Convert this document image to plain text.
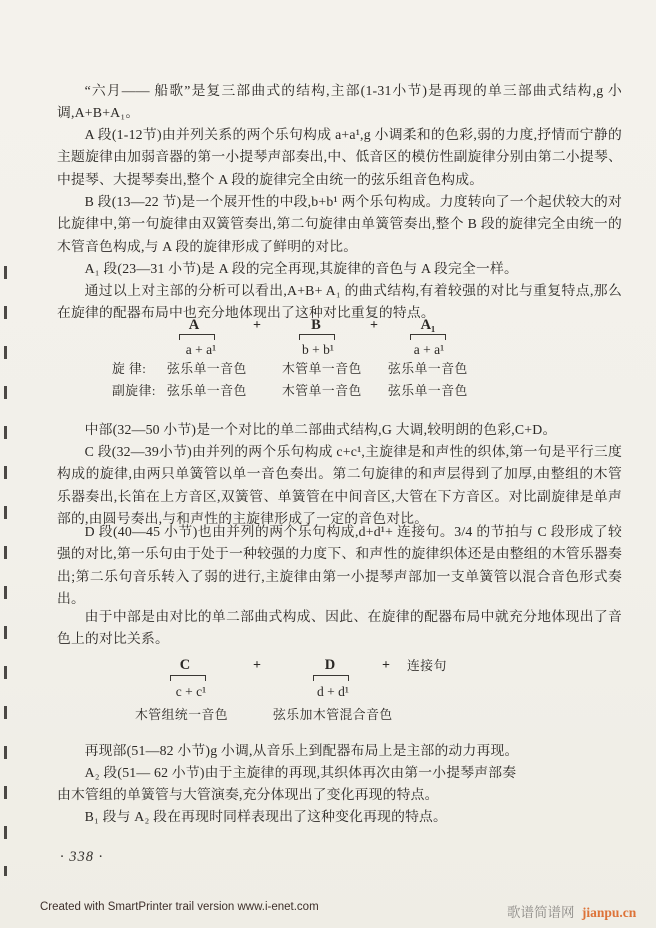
“六月—— 船歌”是复三部曲式的结构,主部(1-31小节)是再现的单三部曲式结构,g 小调,A+B+A₁。

A 段(1-12节)由并列关系的两个乐句构成 a+a¹,g 小调柔和的色彩,弱的力度,抒情而宁静的主题旋律由加弱音器的第一小提琴声部奏出,中、低音区的模仿性副旋律分别由第二小提琴、中提琴、大提琴奏出,整个 A 段的旋律完全由统一的弦乐组音色构成。

B 段(13—22 节)是一个展开性的中段,b+b¹ 两个乐句构成。力度转向了一个起伏较大的对比旋律中,第一句旋律由双簧管奏出,第二句旋律由单簧管奏出,整个 B 段的旋律完全由统一的木管音色构成,与 A 段的旋律形成了鲜明的对比。

A₁ 段(23—31 小节)是 A 段的完全再现,其旋律的音色与 A 段完全一样。

通过以上对主部的分析可以看出,A+B+ A₁ 的曲式结构,有着较强的对比与重复特点,那么在旋律的配器布局中也充分地体现出了这种对比重复的特点。

A	+	B	+	A₁
a + a¹	b + b¹	a + a¹
旋 律: 弦乐单一音色	木管单一音色 弦乐单一音色
副旋律: 弦乐单一音色	木管单一音色 弦乐单一音色

中部(32—50 小节)是一个对比的单二部曲式结构,G 大调,较明朗的色彩,C+D。

C 段(32—39小节)由并列的两个乐句构成 c+c¹,主旋律是和声性的织体,第一句是平行三度构成的旋律,由两只单簧管以单一音色奏出。第二句旋律的和声层得到了加厚,由整组的木管乐器奏出,长笛在上方音区,双簧管、单簧管在中间音区,大管在下方音区。对比副旋律是单声部的,由圆号奏出,与和声性的主旋律形成了一定的音色对比。

D 段(40—45 小节)也由并列的两个乐句构成,d+d¹+ 连接句。3/4 的节拍与 C 段形成了较强的对比,第一乐句由于处于一种较强的力度下、和声性的旋律织体还是由整组的木管乐器奏出;第二乐句音乐转入了弱的进行,主旋律由第一小提琴声部加一支单簧管以混合音色形式奏出。

由于中部是由对比的单二部曲式构成、因此、在旋律的配器布局中就充分地体现出了音色上的对比关系。

C	+	D	+ 连接句
c + c¹	d + d¹
木管组统一音色	弦乐加木管混合音色

再现部(51—82 小节)g 小调,从音乐上到配器布局上是主部的动力再现。

A₂ 段(51— 62 小节)由于主旋律的再现,其织体再次由第一小提琴声部奏

由木管组的单簧管与大管演奏,充分体现出了变化再现的特点。

B₁ 段与 A₂ 段在再现时同样表现出了这种变化再现的特点。

· 338 ·
Created with SmartPrinter trail version www.i-enet.com	歌谱简谱网 jianpu.cn
